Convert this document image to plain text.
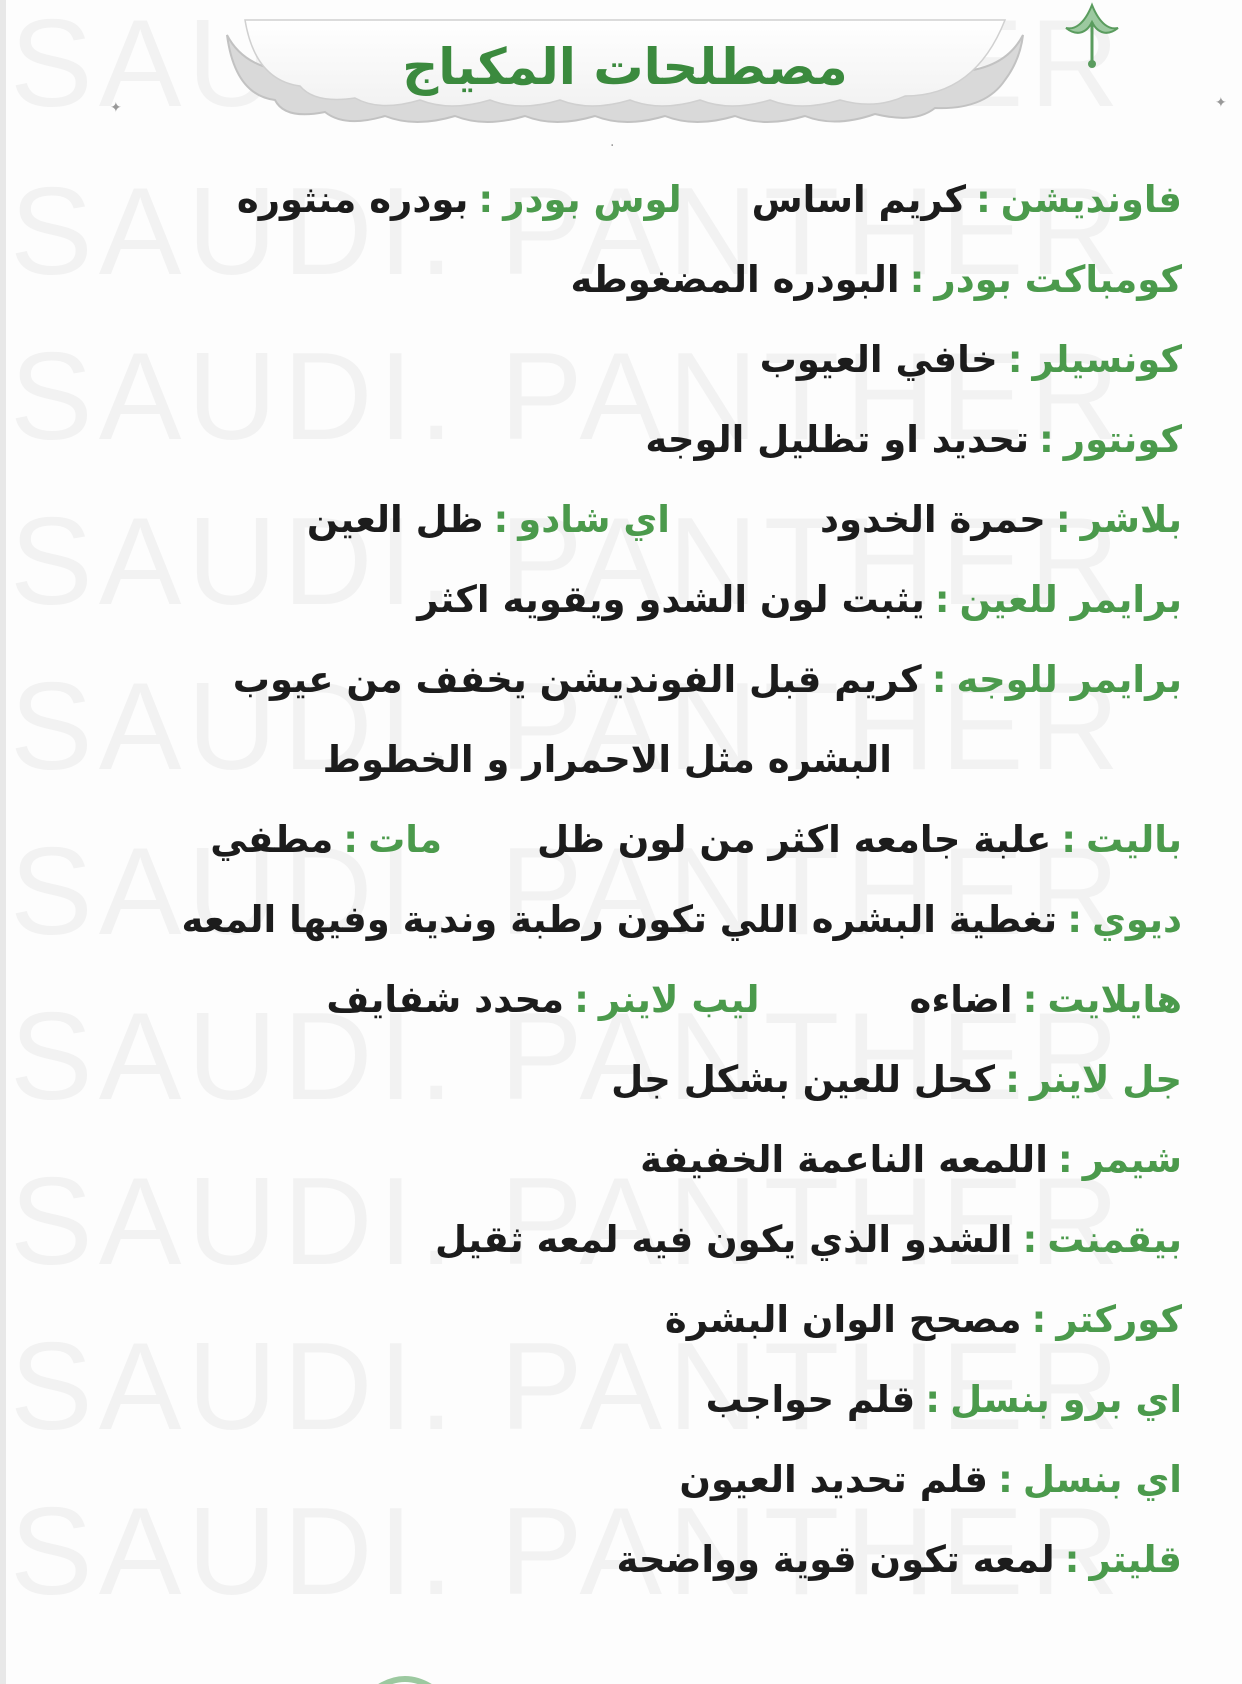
✦	✦
·
مصطلحات المكياج
فاونديشن:كريم اساسلوس بودر:بودره منثوره
كومباكت بودر:البودره المضغوطه
كونسيلر:خافي العيوب
كونتور:تحديد او تظليل الوجه
بلاشر:حمرة الخدوداي شادو:ظل العين
برايمر للعين:يثبت لون الشدو ويقويه اكثر
برايمر للوجه:كريم قبل الفونديشن يخفف من عيوب
البشره مثل الاحمرار و الخطوط
باليت:علبة جامعه اكثر من لون ظلمات:مطفي
ديوي:تغطية البشره اللي تكون رطبة وندية وفيها المعه
هايلايت:اضاءهليب لاينر:محدد شفايف
جل لاينر:كحل للعين بشكل جل
شيمر:اللمعه الناعمة الخفيفة
بيقمنت:الشدو الذي يكون فيه لمعه ثقيل
كوركتر:مصحح الوان البشرة
اي برو بنسل:قلم حواجب
اي بنسل:قلم تحديد العيون
قليتر:لمعه تكون قوية وواضحة
